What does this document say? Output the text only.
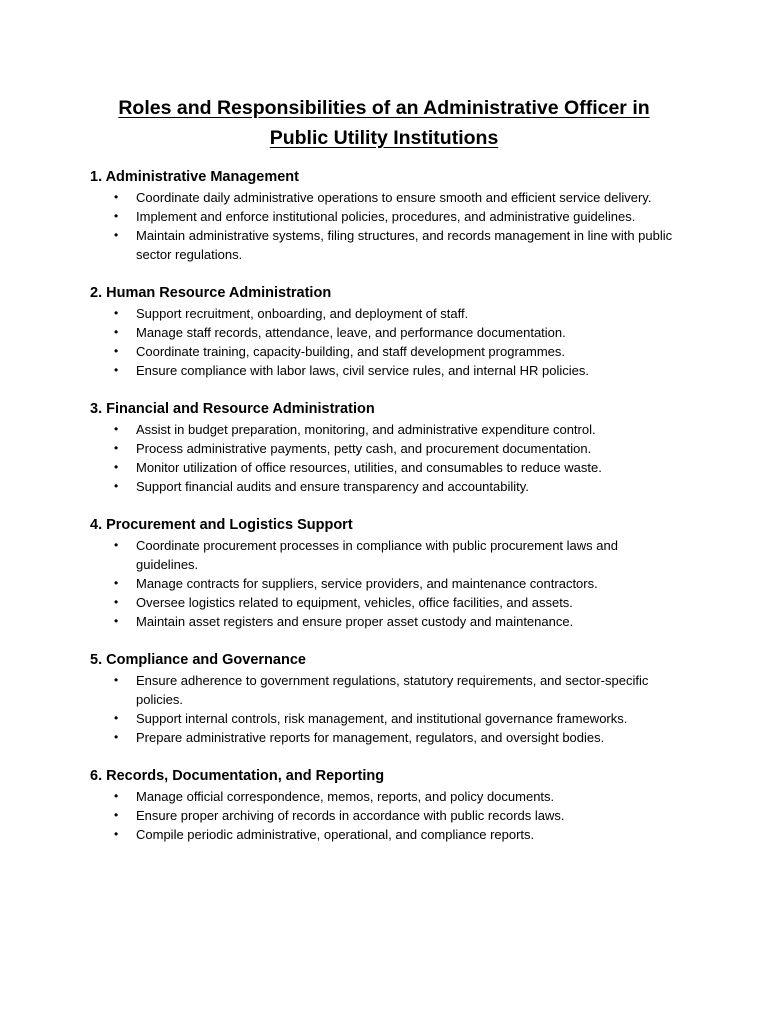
Roles and Responsibilities of an Administrative Officer in
Public Utility Institutions
1. Administrative Management
• Coordinate daily administrative operations to ensure smooth and efficient service delivery.
• Implement and enforce institutional policies, procedures, and administrative guidelines.
• Maintain administrative systems, filing structures, and records management in line with public sector regulations.
2. Human Resource Administration
• Support recruitment, onboarding, and deployment of staff.
• Manage staff records, attendance, leave, and performance documentation.
• Coordinate training, capacity-building, and staff development programmes.
• Ensure compliance with labor laws, civil service rules, and internal HR policies.
3. Financial and Resource Administration
• Assist in budget preparation, monitoring, and administrative expenditure control.
• Process administrative payments, petty cash, and procurement documentation.
• Monitor utilization of office resources, utilities, and consumables to reduce waste.
• Support financial audits and ensure transparency and accountability.
4. Procurement and Logistics Support
• Coordinate procurement processes in compliance with public procurement laws and guidelines.
• Manage contracts for suppliers, service providers, and maintenance contractors.
• Oversee logistics related to equipment, vehicles, office facilities, and assets.
• Maintain asset registers and ensure proper asset custody and maintenance.
5. Compliance and Governance
• Ensure adherence to government regulations, statutory requirements, and sector-specific policies.
• Support internal controls, risk management, and institutional governance frameworks.
• Prepare administrative reports for management, regulators, and oversight bodies.
6. Records, Documentation, and Reporting
• Manage official correspondence, memos, reports, and policy documents.
• Ensure proper archiving of records in accordance with public records laws.
• Compile periodic administrative, operational, and compliance reports.
